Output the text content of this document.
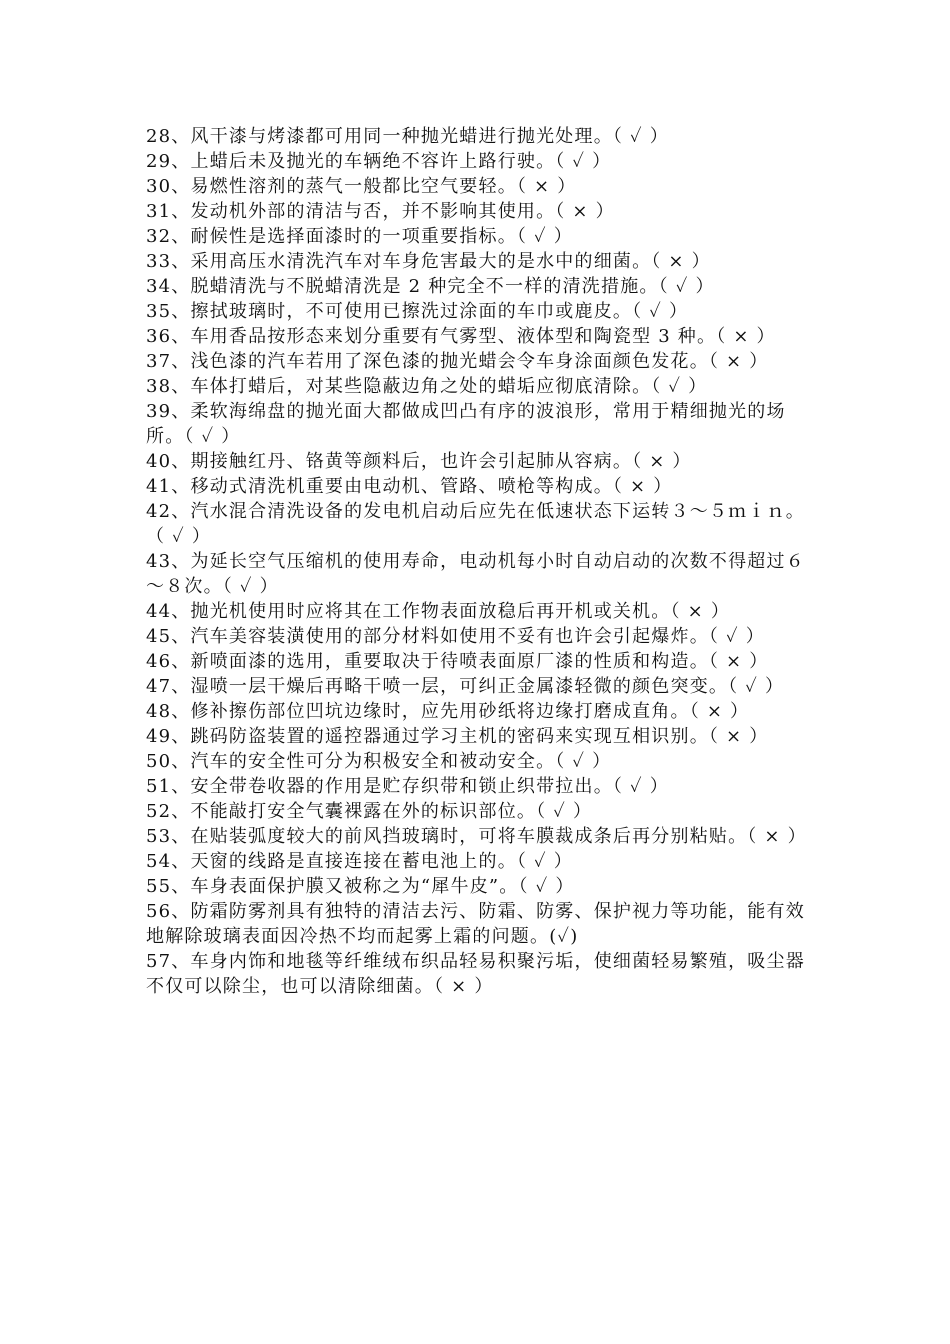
28、风干漆与烤漆都可用同一种抛光蜡进行抛光处理。（ ✓ ）

29、上蜡后未及抛光的车辆绝不容许上路行驶。（ ✓ ）

30、易燃性溶剂的蒸气一般都比空气要轻。（ × ）

31、发动机外部的清洁与否，并不影响其使用。（ × ）

32、耐候性是选择面漆时的一项重要指标。（ ✓ ）

33、采用高压水清洗汽车对车身危害最大的是水中的细菌。（ × ）

34、脱蜡清洗与不脱蜡清洗是 2 种完全不一样的清洗措施。（ ✓ ）

35、擦拭玻璃时，不可使用已擦洗过涂面的车巾或鹿皮。（ ✓ ）

36、车用香品按形态来划分重要有气雾型、液体型和陶瓷型 3 种。（ × ）

37、浅色漆的汽车若用了深色漆的抛光蜡会令车身涂面颜色发花。（ × ）

38、车体打蜡后，对某些隐蔽边角之处的蜡垢应彻底清除。（ ✓ ）

39、柔软海绵盘的抛光面大都做成凹凸有序的波浪形，常用于精细抛光的场所。（ ✓ ）

40、期接触红丹、铬黄等颜料后，也许会引起肺从容病。（ × ）

41、移动式清洗机重要由电动机、管路、喷枪等构成。（ × ）

42、汽水混合清洗设备的发电机启动后应先在低速状态下运转３～５ｍｉｎ。（ ✓ ）

43、为延长空气压缩机的使用寿命，电动机每小时自动启动的次数不得超过６～８次。（ ✓ ）

44、抛光机使用时应将其在工作物表面放稳后再开机或关机。（ × ）

45、汽车美容装潢使用的部分材料如使用不妥有也许会引起爆炸。（ ✓ ）

46、新喷面漆的选用，重要取决于待喷表面原厂漆的性质和构造。（ × ）

47、湿喷一层干燥后再略干喷一层，可纠正金属漆轻微的颜色突变。（ ✓ ）

48、修补擦伤部位凹坑边缘时，应先用砂纸将边缘打磨成直角。（ × ）

49、跳码防盗装置的遥控器通过学习主机的密码来实现互相识别。（ × ）

50、汽车的安全性可分为积极安全和被动安全。（ ✓ ）

51、安全带卷收器的作用是贮存织带和锁止织带拉出。（ ✓ ）

52、不能敲打安全气囊裸露在外的标识部位。（ ✓ ）

53、在贴装弧度较大的前风挡玻璃时，可将车膜裁成条后再分别粘贴。（ × ）

54、天窗的线路是直接连接在蓄电池上的。（ ✓ ）

55、车身表面保护膜又被称之为“犀牛皮”。（ ✓ ）

56、防霜防雾剂具有独特的清洁去污、防霜、防雾、保护视力等功能，能有效地解除玻璃表面因冷热不均而起雾上霜的问题。(✓)

57、车身内饰和地毯等纤维绒布织品轻易积聚污垢，使细菌轻易繁殖，吸尘器不仅可以除尘，也可以清除细菌。（ × ）
